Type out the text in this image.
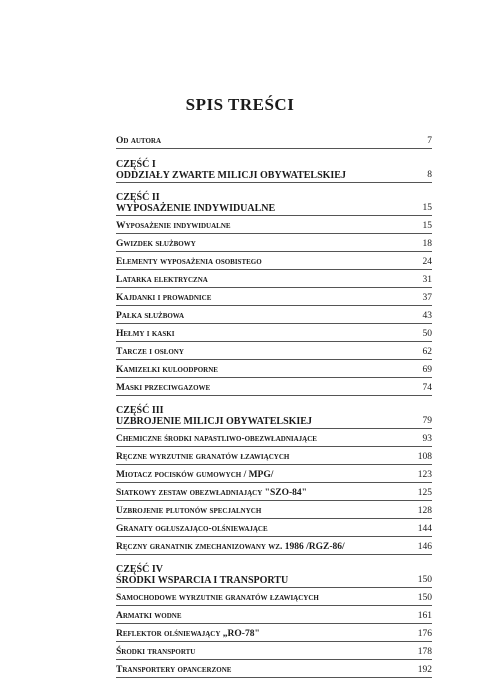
SPIS TREŚCI
Od autora	7
CZĘŚĆ I
ODDZIAŁY ZWARTE MILICJI OBYWATELSKIEJ	8
CZĘŚĆ II
WYPOSAŻENIE INDYWIDUALNE	15
Wyposażenie indywidualne	15
Gwizdek służbowy	18
Elementy wyposażenia osobistego	24
Latarka elektryczna	31
Kajdanki i prowadnice	37
Pałka służbowa	43
Hełmy i kaski	50
Tarcze i osłony	62
Kamizelki kuloodporne	69
Maski przeciwgazowe	74
CZĘŚĆ III
UZBROJENIE MILICJI OBYWATELSKIEJ	79
Chemiczne środki napastliwo-obezwładniające	93
Ręczne wyrzutnie granatów łzawiących	108
Miotacz pocisków gumowych / MPG/	123
Siatkowy zestaw obezwładniający "SZO-84"	125
Uzbrojenie plutonów specjalnych	128
Granaty ogłuszająco-olśniewające	144
Ręczny granatnik zmechanizowany wz. 1986 /RGZ-86/	146
CZĘŚĆ IV
ŚRODKI WSPARCIA I TRANSPORTU	150
Samochodowe wyrzutnie granatów łzawiących	150
Armatki wodne	161
Reflektor olśniewający „RO-78"	176
Środki transportu	178
Transportery opancerzone	192
